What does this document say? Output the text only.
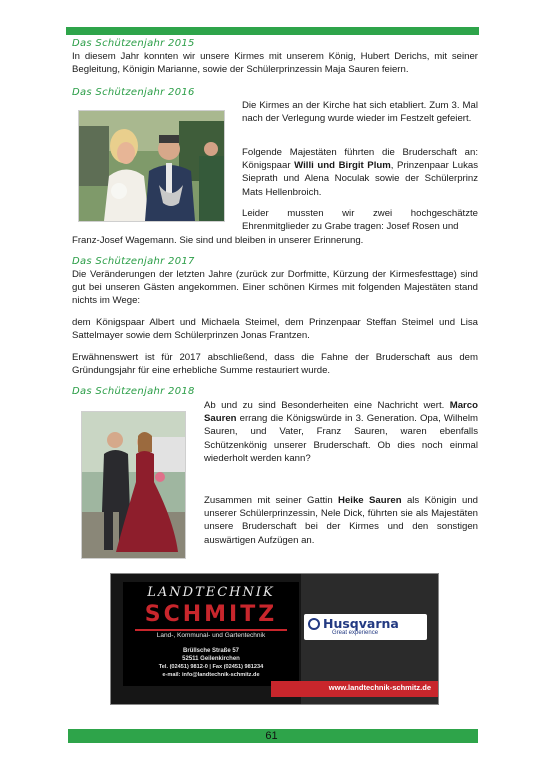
Das Schützenjahr 2015

In diesem Jahr konnten wir unsere Kirmes mit unserem König, Hubert Derichs, mit seiner Begleitung, Königin Marianne, sowie der Schülerprinzessin Maja Sauren feiern.

Das Schützenjahr 2016

Die Kirmes an der Kirche hat sich etabliert. Zum 3. Mal nach der Verlegung wurde wieder im Festzelt gefeiert.

Folgende Majestäten führten die Bruderschaft an: Königspaar Willi und Birgit Plum, Prinzenpaar Lukas Sieprath und Alena Noculak sowie der Schülerprinz Mats Hellenbroich.

Leider mussten wir zwei hochgeschätzte Ehrenmitglieder zu Grabe tragen: Josef Rosen und

Franz-Josef Wagemann. Sie sind und bleiben in unserer Erinnerung.

Das Schützenjahr 2017

Die Veränderungen der letzten Jahre (zurück zur Dorfmitte, Kürzung der Kirmesfesttage) sind gut bei unseren Gästen angekommen. Einer schönen Kirmes mit folgenden Majestäten stand nichts im Wege:

dem Königspaar Albert und Michaela Steimel, dem Prinzenpaar Steffan Steimel und Lisa Sattelmayer sowie dem Schülerprinzen Jonas Frantzen.

Erwähnenswert ist für 2017 abschließend, dass die Fahne der Bruderschaft aus dem Gründungsjahr für eine erhebliche Summe restauriert wurde.

Das Schützenjahr 2018

Ab und zu sind Besonderheiten eine Nachricht wert. Marco Sauren errang die Königswürde in 3. Generation. Opa, Wilhelm Sauren, und Vater, Franz Sauren, waren ebenfalls Schützenkönig unserer Bruderschaft. Ob dies noch einmal wiederholt werden kann?

Zusammen mit seiner Gattin Heike Sauren als Königin und unserer Schülerprinzessin, Nele Dick, führten sie als Majestäten unsere Bruderschaft bei der Kirmes und den sonstigen auswärtigen Aufzügen an.

LANDTECHNIK
SCHMITZ
Land-, Kommunal- und Gartentechnik
Brüllsche Straße 57
52511 Geilenkirchen
Tel. (02451) 9812-0 | Fax (02451) 981234
e-mail: info@landtechnik-schmitz.de
Husqvarna
Great experience
www.landtechnik-schmitz.de
61
